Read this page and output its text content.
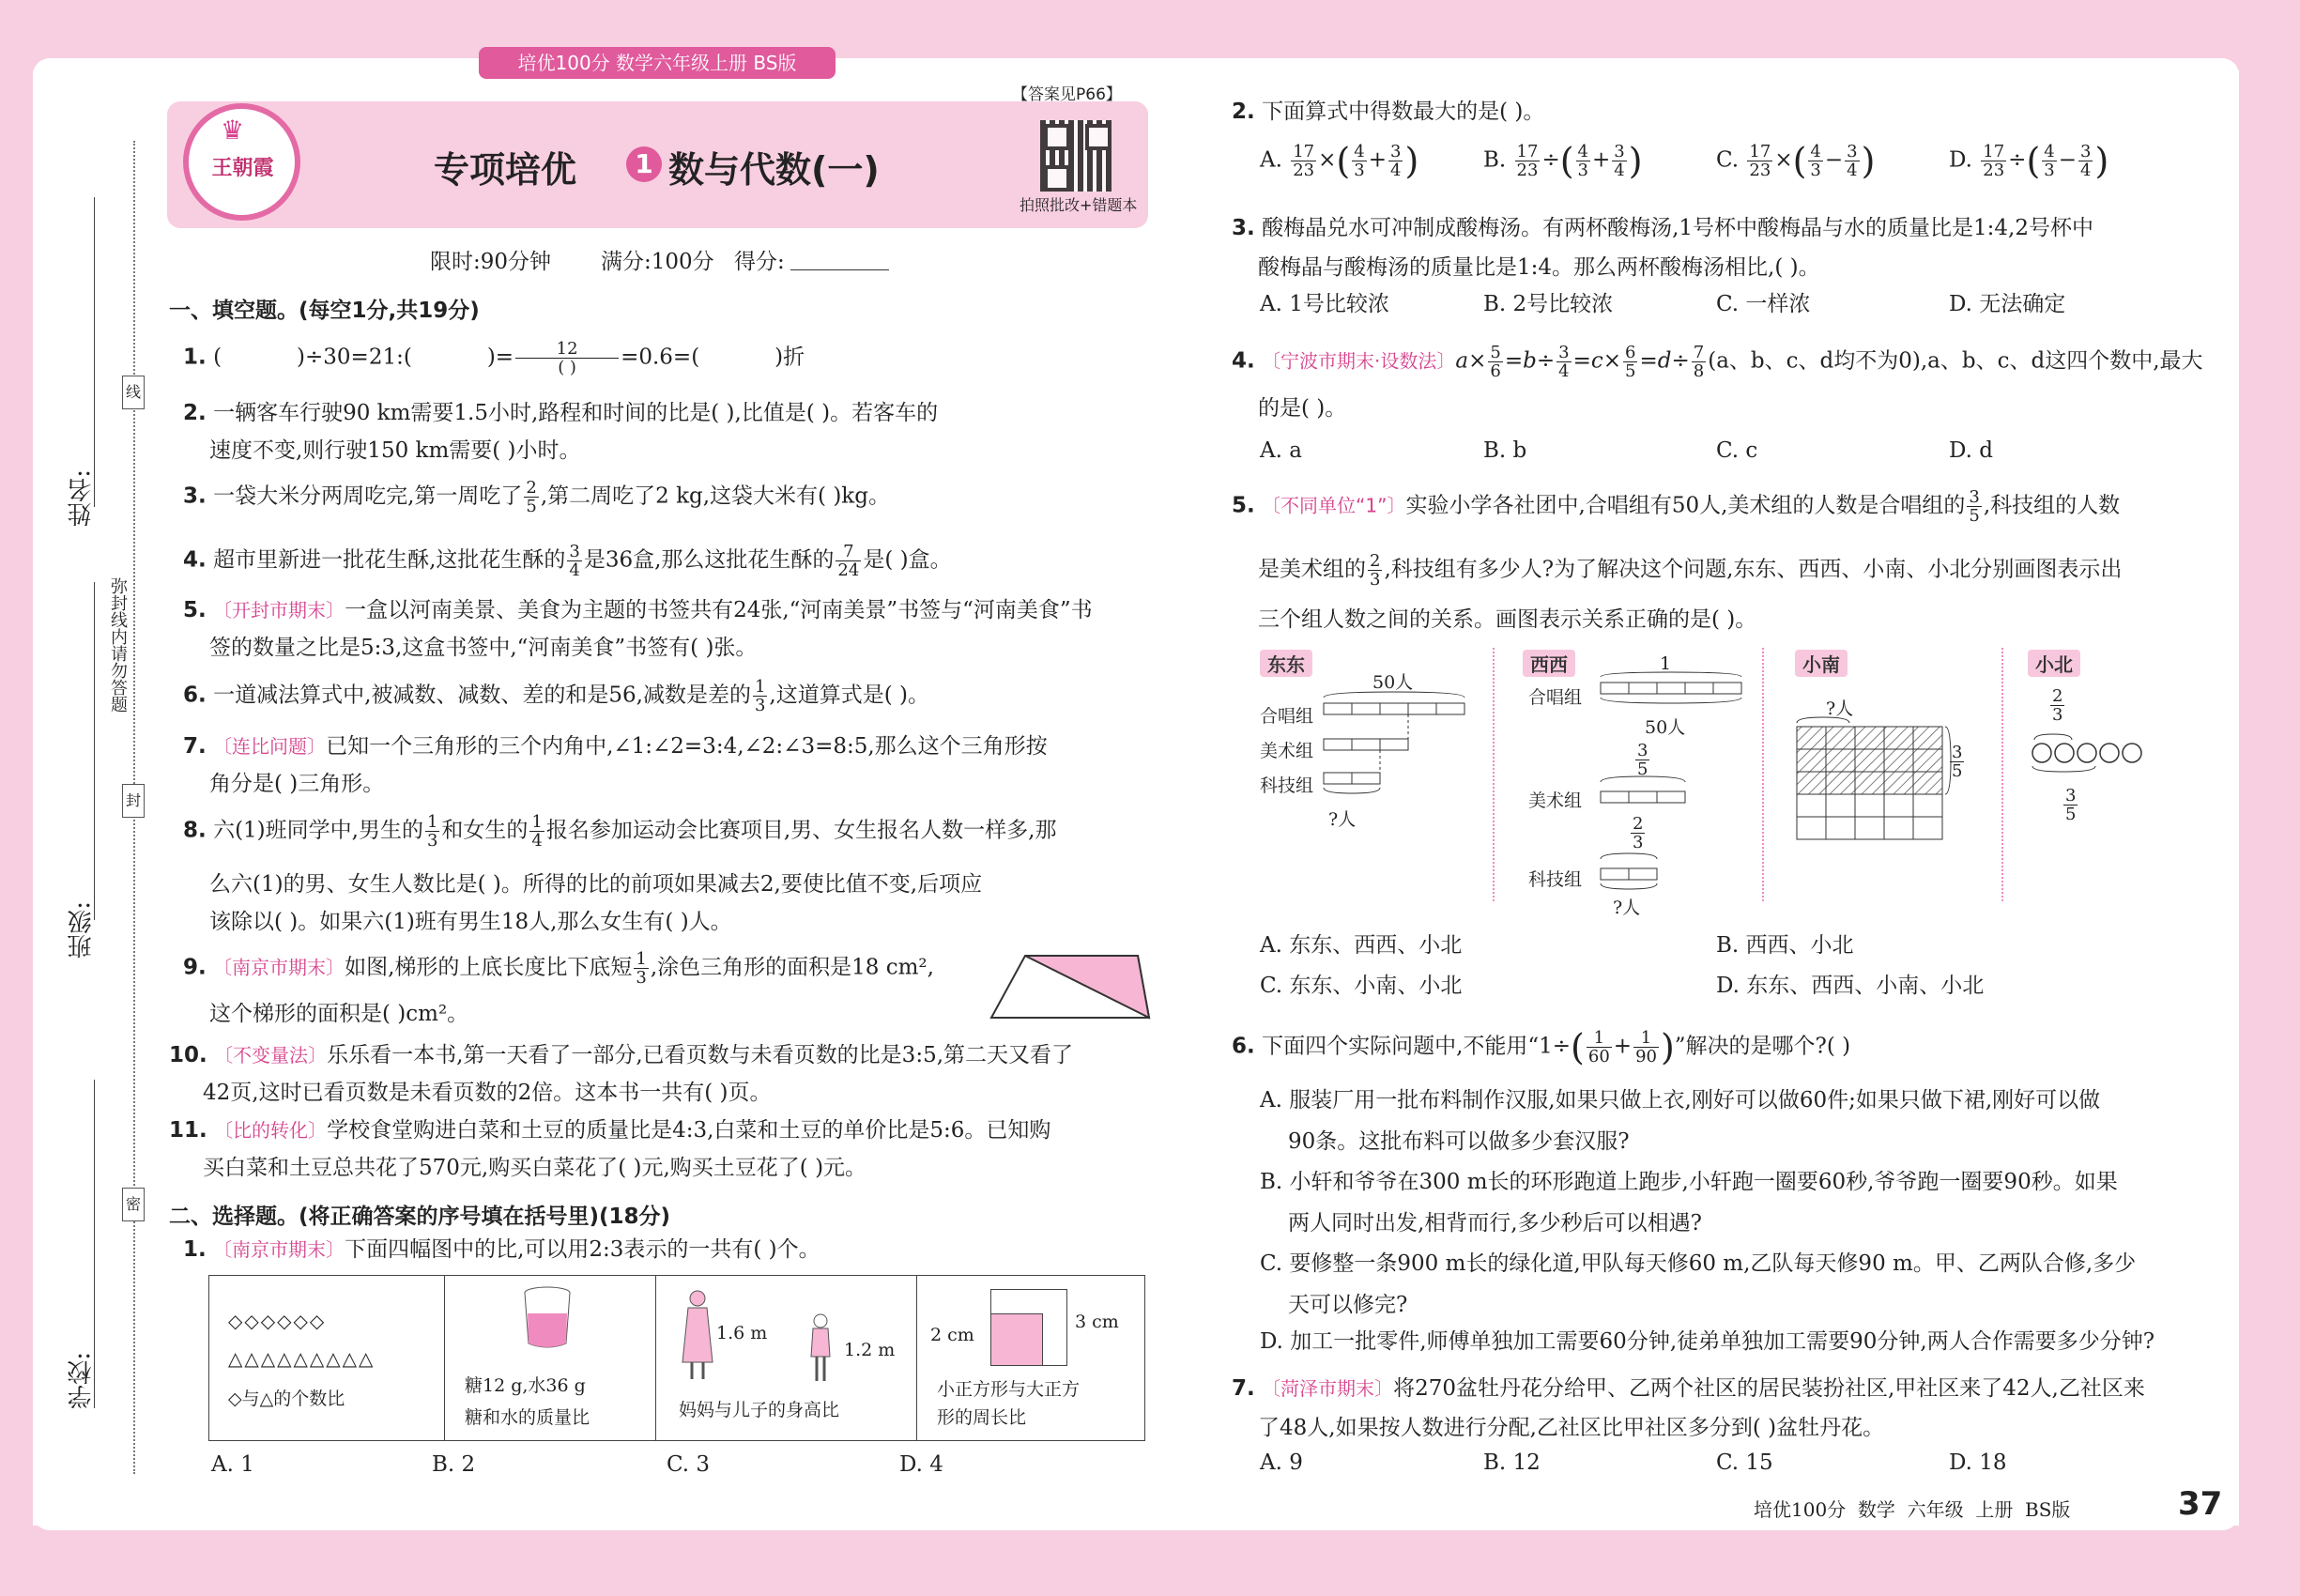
培优100分 数学六年级上册 BS版
姓名:
班级:
学校:
线
弥封线内请勿答题
封
密
♛
王朝霞	专项培优	1 数与代数(一)
【答案见P66】
拍照批改+错题本
限时:90分钟 满分:100分 得分:
一、填空题。(每空1分,共19分)
1. (	)÷30=21:(	)= $\frac{12}{( )} =0.6=$(	)折
2. 一辆客车行驶90 km需要1.5小时,路程和时间的比是( ),比值是( )。若客车的
速度不变,则行驶150 km需要( )小时。
3. 一袋大米分两周吃完,第一周吃了 $\frac{2}{5}$ ,第二周吃了2 kg,这袋大米有( )kg。
4. 超市里新进一批花生酥,这批花生酥的 $\frac{3}{4}$ 是36盒,那么这批花生酥的 $\frac{7}{24}$ 是( )盒。
5. 〔开封市期末〕一盒以河南美景、美食为主题的书签共有24张,“河南美景”书签与“河南美食”书
签的数量之比是5:3,这盒书签中,“河南美食”书签有( )张。
6. 一道减法算式中,被减数、减数、差的和是56,减数是差的 $\frac{1}{3}$ ,这道算式是( )。
7. 〔连比问题〕已知一个三角形的三个内角中,∠1:∠2=3:4,∠2:∠3=8:5,那么这个三角形按
角分是( )三角形。
8. 六(1)班同学中,男生的 $\frac{1}{3}$ 和女生的 $\frac{1}{4}$ 报名参加运动会比赛项目,男、女生报名人数一样多,那
么六(1)的男、女生人数比是( )。所得的比的前项如果减去2,要使比值不变,后项应
该除以( )。如果六(1)班有男生18人,那么女生有( )人。
9. 〔南京市期末〕如图,梯形的上底长度比下底短 $\frac{1}{3}$ ,涂色三角形的面积是18 cm²,
这个梯形的面积是( )cm²。
10. 〔不变量法〕乐乐看一本书,第一天看了一部分,已看页数与未看页数的比是3:5,第二天又看了
42页,这时已看页数是未看页数的2倍。这本书一共有( )页。
11. 〔比的转化〕学校食堂购进白菜和土豆的质量比是4:3,白菜和土豆的单价比是5:6。已知购
买白菜和土豆总共花了570元,购买白菜花了( )元,购买土豆花了( )元。
二、选择题。(将正确答案的序号填在括号里)(18分)
1. 〔南京市期末〕下面四幅图中的比,可以用2:3表示的一共有( )个。
◇◇◇◇◇◇
△△△△△△△△△
◇与△的个数比
糖12 g,水36 g
糖和水的质量比
1.6 m
1.2 m
妈妈与儿子的身高比
2 cm
3 cm
小正方形与大正方
形的周长比
A. 1	B. 2	C. 3	D. 4
2. 下面算式中得数最大的是( )。
A. $\frac{17}{23}$ ×( $\frac{4}{3} + \frac{3}{4}$ )	B. $\frac{17}{23}$ ÷( $\frac{4}{3} + \frac{3}{4}$ )	C. $\frac{17}{23}$ ×( $\frac{4}{3} - \frac{3}{4}$ )	D. $\frac{17}{23}$ ÷( $\frac{4}{3} - \frac{3}{4}$ )
3. 酸梅晶兑水可冲制成酸梅汤。有两杯酸梅汤,1号杯中酸梅晶与水的质量比是1:4,2号杯中
酸梅晶与酸梅汤的质量比是1:4。那么两杯酸梅汤相比,( )。
A. 1号比较浓	B. 2号比较浓	C. 一样浓	D. 无法确定
4. 〔宁波市期末·设数法〕$a\times \frac{5}{6} =b\div \frac{3}{4} =c\times \frac{6}{5} =d\div \frac{7}{8} (a$、b、c、d均不为0),a、b、c、d这四个数中,最大
的是( )。
A. a	B. b	C. c	D. d
5. 〔不同单位“1”〕实验小学各社团中,合唱组有50人,美术组的人数是合唱组的 $\frac{3}{5}$ ,科技组的人数
是美术组的 $\frac{2}{3}$ ,科技组有多少人?为了解决这个问题,东东、西西、小南、小北分别画图表示出
三个组人数之间的关系。画图表示关系正确的是( )。
东东
50人
合唱组
美术组
科技组
?人
西西	1
合唱组
50人
美术组
科技组
?人
$\frac{3}{5}$
$\frac{2}{3}$
小南
?人
$\frac{3}{5}$
小北
$\frac{2}{3}$
$\frac{3}{5}$
A. 东东、西西、小北	B. 西西、小北
C. 东东、小南、小北	D. 东东、西西、小南、小北
6. 下面四个实际问题中,不能用“$1\div( \frac{1}{60} + \frac{1}{90}$ )”解决的是哪个?( )
A. 服装厂用一批布料制作汉服,如果只做上衣,刚好可以做60件;如果只做下裙,刚好可以做
90条。这批布料可以做多少套汉服?
B. 小轩和爷爷在300 m长的环形跑道上跑步,小轩跑一圈要60秒,爷爷跑一圈要90秒。如果
两人同时出发,相背而行,多少秒后可以相遇?
C. 要修整一条900 m长的绿化道,甲队每天修60 m,乙队每天修90 m。甲、乙两队合修,多少
天可以修完?
D. 加工一批零件,师傅单独加工需要60分钟,徒弟单独加工需要90分钟,两人合作需要多少分钟?
7. 〔菏泽市期末〕将270盆牡丹花分给甲、乙两个社区的居民装扮社区,甲社区来了42人,乙社区来
了48人,如果按人数进行分配,乙社区比甲社区多分到( )盆牡丹花。
A. 9	B. 12	C. 15	D. 18
培优100分  数学  六年级  上册  BS版	37
